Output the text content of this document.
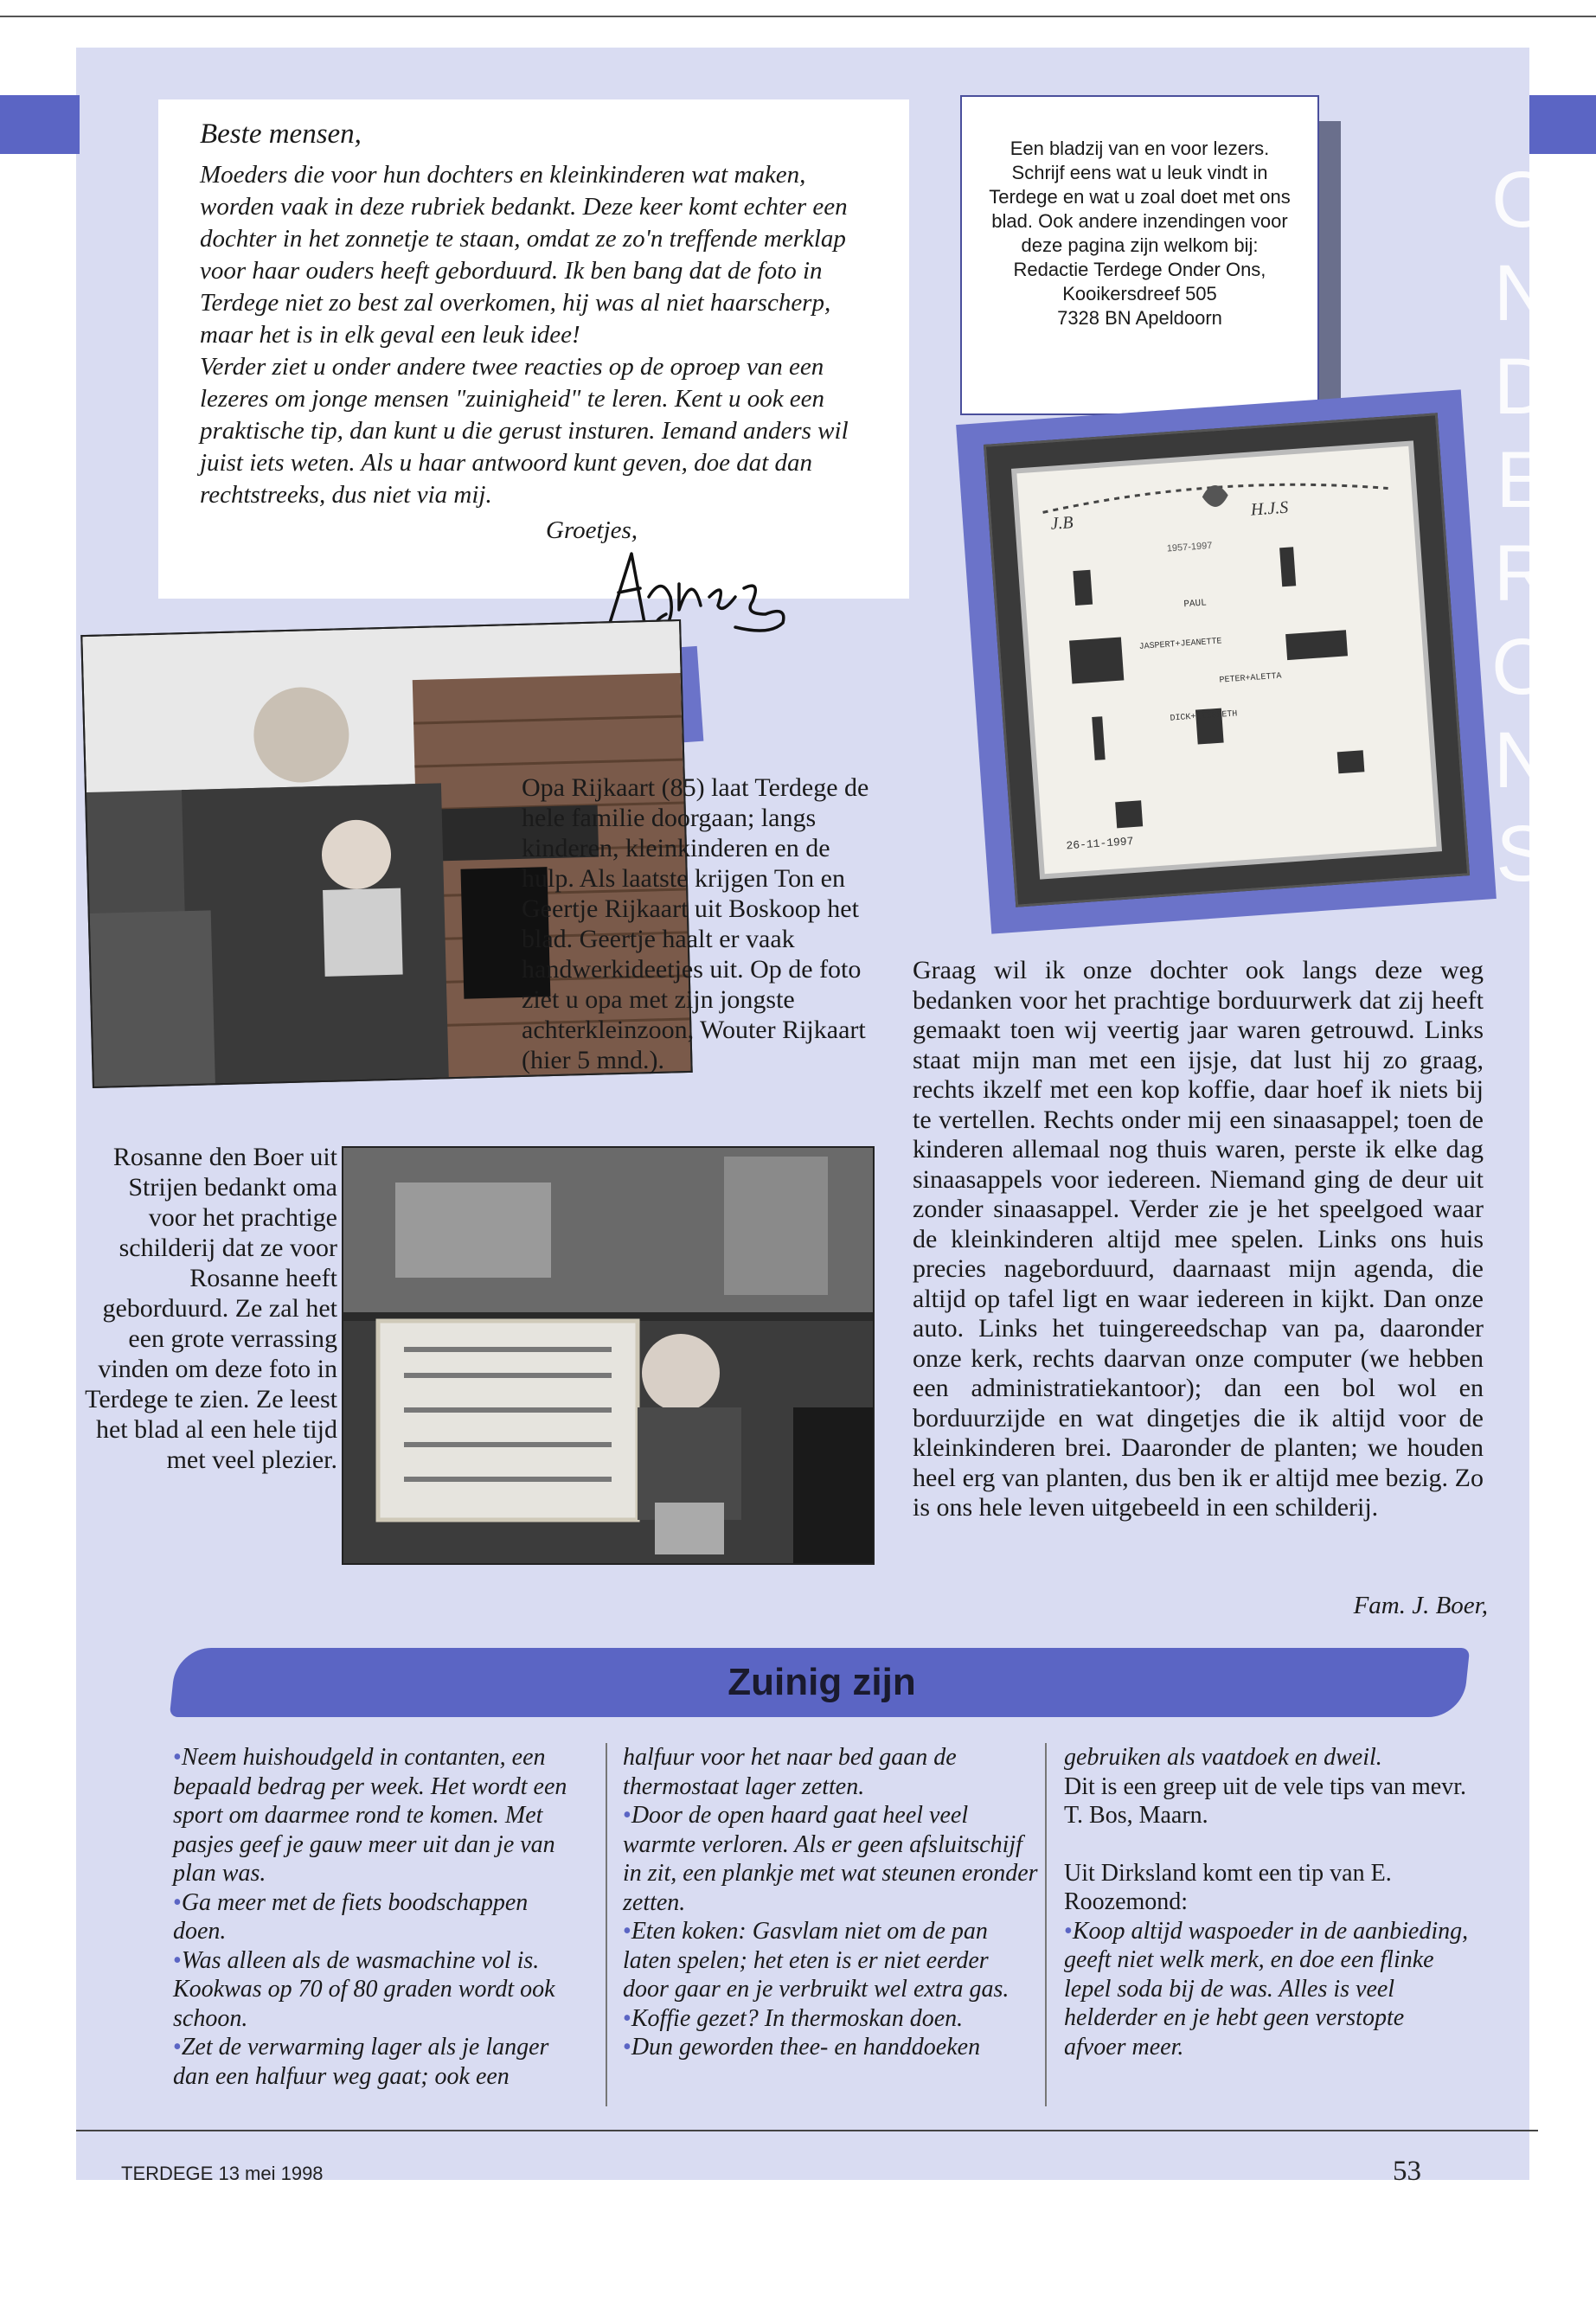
ONDERONS

Beste mensen,

Moeders die voor hun dochters en kleinkinderen wat maken, worden vaak in deze rubriek bedankt. Deze keer komt echter een dochter in het zonnetje te staan, omdat ze zo'n treffende merklap voor haar ouders heeft geborduurd. Ik ben bang dat de foto in Terdege niet zo best zal overkomen, hij was al niet haarscherp, maar het is in elk geval een leuk idee!

Verder ziet u onder andere twee reacties op de oproep van een lezeres om jonge mensen "zuinigheid" te leren. Kent u ook een praktische tip, dan kunt u die gerust insturen. Iemand anders wil juist iets weten. Als u haar antwoord kunt geven, doe dat dan rechtstreeks, dus niet via mij.

Groetjes,

Een bladzij van en voor lezers. Schrijf eens wat u leuk vindt in Terdege en wat u zoal doet met ons blad. Ook andere inzendingen voor deze pagina zijn welkom bij:
Redactie Terdege Onder Ons,
Kooikersdreef 505
7328 BN Apeldoorn
Opa Rijkaart (85) laat Terdege de hele familie doorgaan; langs kinderen, kleinkinderen en de hulp. Als laatste krijgen Ton en Geertje Rijkaart uit Boskoop het blad. Geertje haalt er vaak handwerkideetjes uit. Op de foto ziet u opa met zijn jongste achterkleinzoon, Wouter Rijkaart (hier 5 mnd.).
J.B
H.J.S
1957-1997
PAUL
JASPERT+JEANETTE
PETER+ALETTA
DICK+LIESBETH
26-11-1997
Rosanne den Boer uit Strijen bedankt oma voor het prachtige schilderij dat ze voor Rosanne heeft geborduurd. Ze zal het een grote verrassing vinden om deze foto in Terdege te zien. Ze leest het blad al een hele tijd met veel plezier.

Graag wil ik onze dochter ook langs deze weg bedanken voor het prachtige borduurwerk dat zij heeft gemaakt toen wij veertig jaar waren getrouwd. Links staat mijn man met een ijsje, dat lust hij zo graag, rechts ikzelf met een kop koffie, daar hoef ik niets bij te vertellen. Rechts onder mij een sinaasappel; toen de kinderen allemaal nog thuis waren, perste ik elke dag sinaasappels voor iedereen. Niemand ging de deur uit zonder sinaasappel. Verder zie je het speelgoed waar de kleinkinderen altijd mee spelen. Links ons huis precies nageborduurd, daarnaast mijn agenda, die altijd op tafel ligt en waar iedereen in kijkt. Dan onze auto. Links het tuingereedschap van pa, daaronder onze kerk, rechts daarvan onze computer (we hebben een administratiekantoor); dan een bol wol en borduurzijde en wat dingetjes die ik altijd voor de kleinkinderen brei. Daaronder de planten; we houden heel erg van planten, dus ben ik er altijd mee bezig. Zo is ons hele leven uitgebeeld in een schilderij.

Fam. J. Boer,
Zuinig zijn

•Neem huishoudgeld in contanten, een bepaald bedrag per week. Het wordt een sport om daarmee rond te komen. Met pasjes geef je gauw meer uit dan je van plan was.

•Ga meer met de fiets boodschappen doen.

•Was alleen als de wasmachine vol is. Kookwas op 70 of 80 graden wordt ook schoon.

•Zet de verwarming lager als je langer dan een halfuur weg gaat; ook een

halfuur voor het naar bed gaan de thermostaat lager zetten.

•Door de open haard gaat heel veel warmte verloren. Als er geen afsluitschijf in zit, een plankje met wat steunen eronder zetten.

•Eten koken: Gasvlam niet om de pan laten spelen; het eten is er niet eerder door gaar en je verbruikt wel extra gas.

•Koffie gezet? In thermoskan doen.

•Dun geworden thee- en handdoeken

gebruiken als vaatdoek en dweil.

Dit is een greep uit de vele tips van mevr. T. Bos, Maarn.

Uit Dirksland komt een tip van E. Roozemond:

•Koop altijd waspoeder in de aanbieding, geeft niet welk merk, en doe een flinke lepel soda bij de was. Alles is veel helderder en je hebt geen verstopte afvoer meer.

TERDEGE 13 mei 1998	53
